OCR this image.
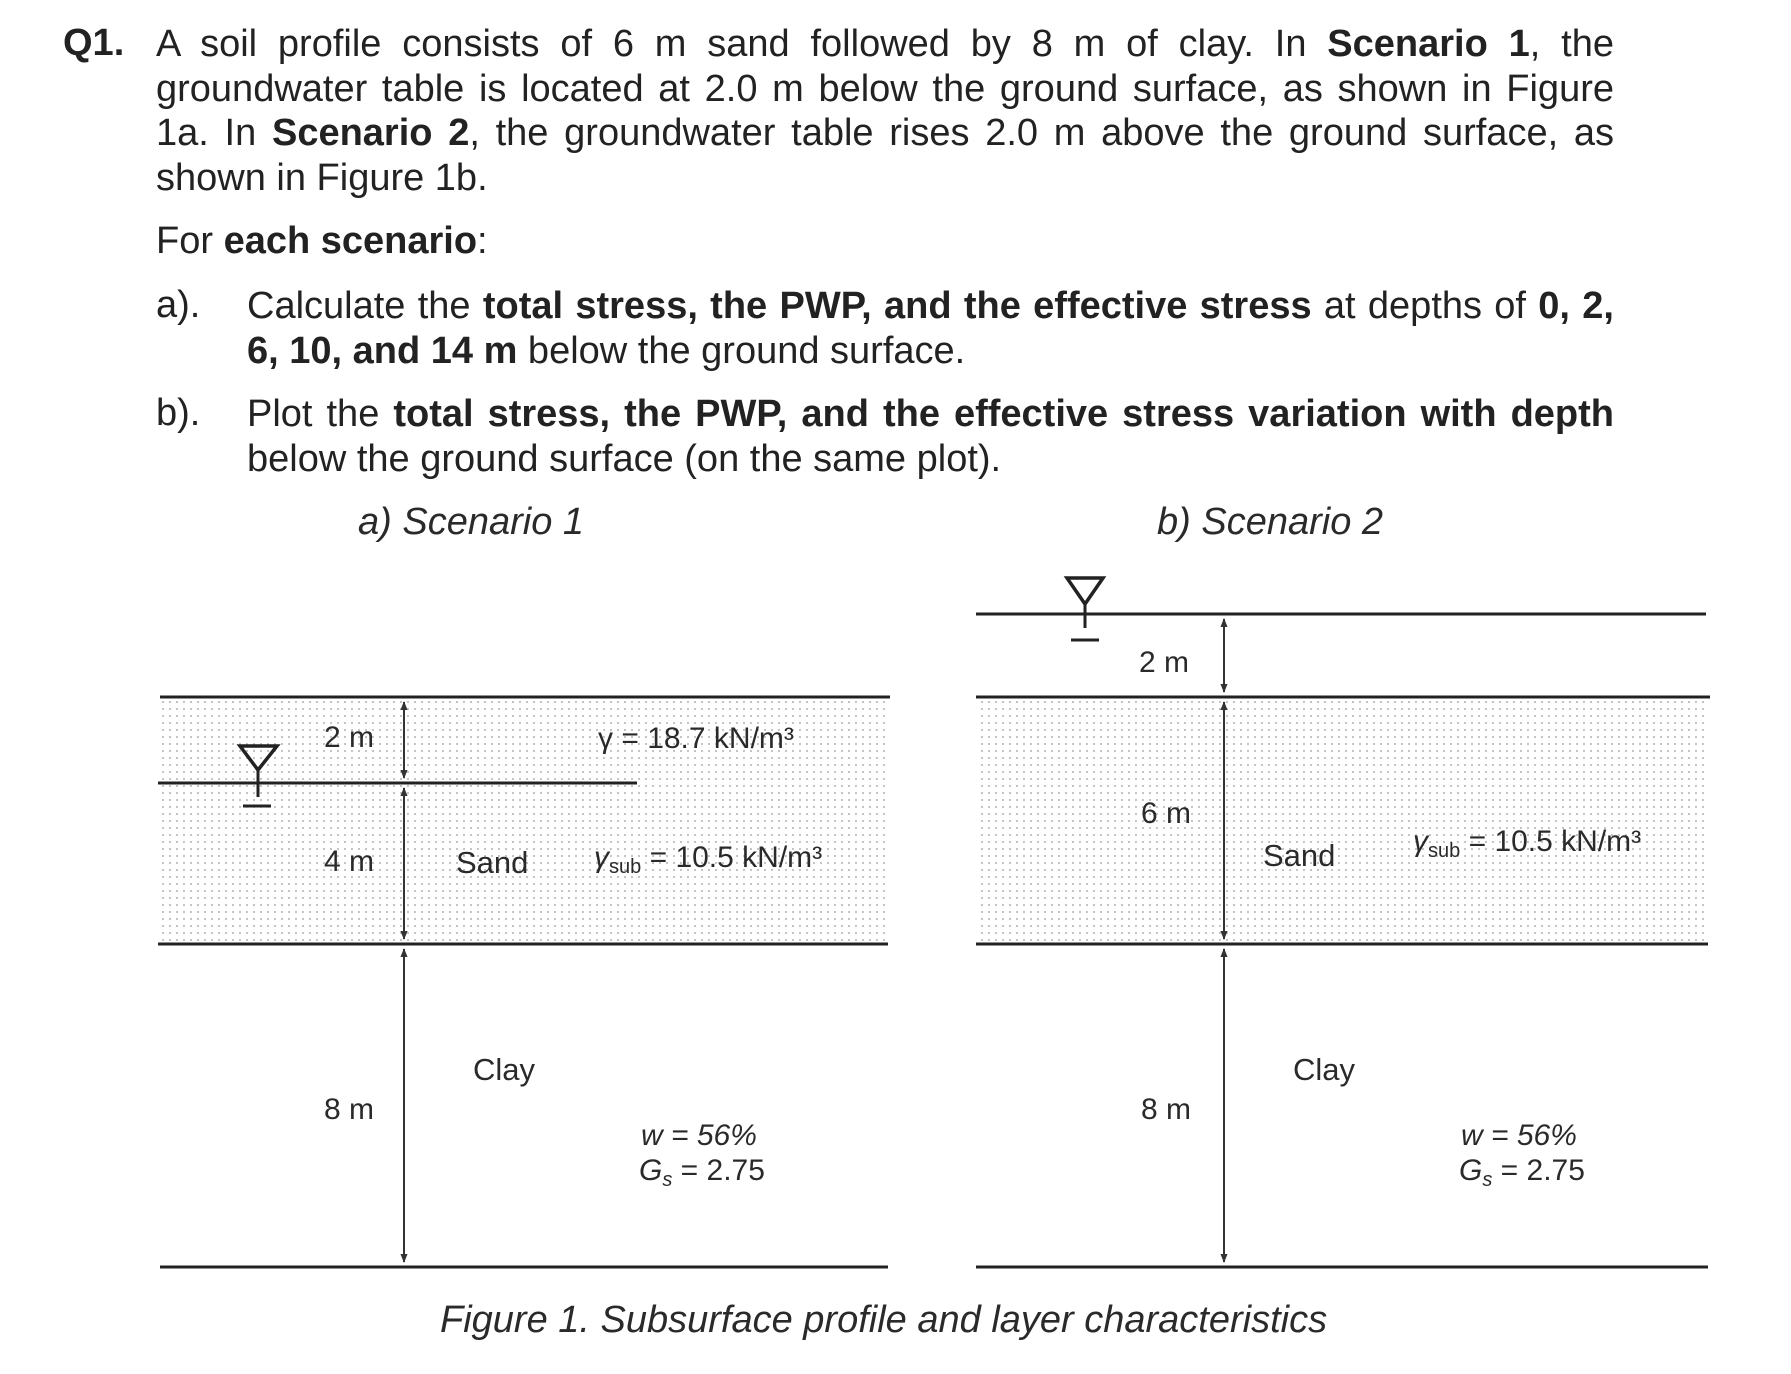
Q1. A soil profile consists of 6 m sand followed by 8 m of clay. In Scenario 1, the groundwater table is located at 2.0 m below the ground surface, as shown in Figure 1a. In Scenario 2, the groundwater table rises 2.0 m above the ground surface, as shown in Figure 1b.
For each scenario:
a). Calculate the total stress, the PWP, and the effective stress at depths of 0, 2, 6, 10, and 14 m below the ground surface.
b). Plot the total stress, the PWP, and the effective stress variation with depth below the ground surface (on the same plot).
a) Scenario 1	b) Scenario 2
2 m
4 m
8 m
γ = 18.7 kN/m³
Sand $\gamma_{sub} = 10.5$ kN/m³
Clay
w = 56%
$G_s = 2.75$
2 m
6 m
8 m
Sand	$\gamma_{sub} = 10.5$ kN/m³
Clay
w = 56%
$G_s = 2.75$
Figure 1. Subsurface profile and layer characteristics
